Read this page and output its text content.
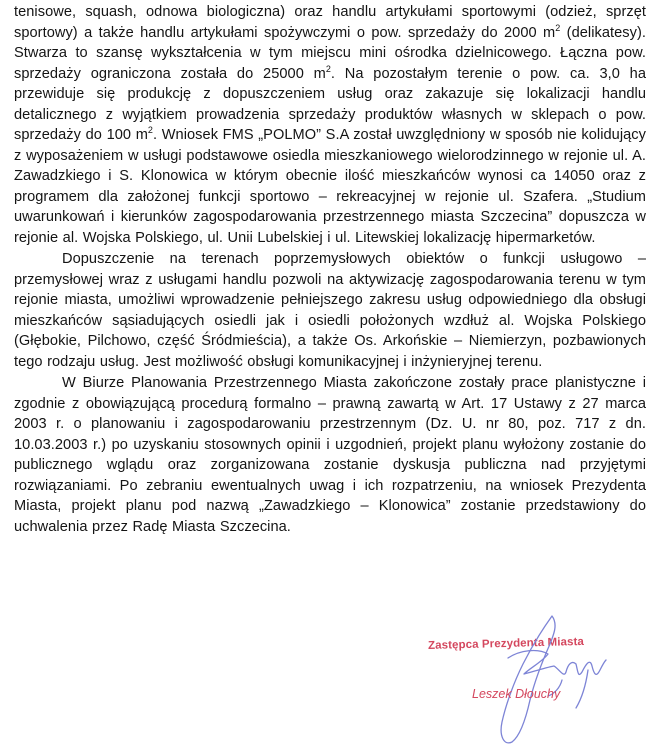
tenisowe, squash, odnowa biologiczna) oraz handlu artykułami sportowymi (odzież, sprzęt sportowy) a także handlu artykułami spożywczymi o pow. sprzedaży do 2000 $m^2$ (delikatesy). Stwarza to szansę wykształcenia w tym miejscu mini ośrodka dzielnicowego. Łączna pow. sprzedaży ograniczona została do 25000 $m^2$. Na pozostałym terenie o pow. ca. 3,0 ha przewiduje się produkcję z dopuszczeniem usług oraz zakazuje się lokalizacji handlu detalicznego z wyjątkiem prowadzenia sprzedaży produktów własnych w sklepach o pow. sprzedaży do 100 $m^2$. Wniosek FMS „POLMO” S.A został uwzględniony w sposób nie kolidujący z wyposażeniem w usługi podstawowe osiedla mieszkaniowego wielorodzinnego w rejonie ul. A. Zawadzkiego i S. Klonowica w którym obecnie ilość mieszkańców wynosi ca 14050 oraz z programem dla założonej funkcji sportowo – rekreacyjnej w rejonie ul. Szafera. „Studium uwarunkowań i kierunków zagospodarowania przestrzennego miasta Szczecina” dopuszcza w rejonie al. Wojska Polskiego, ul. Unii Lubelskiej i ul. Litewskiej lokalizację hipermarketów.

Dopuszczenie na terenach poprzemysłowych obiektów o funkcji usługowo – przemysłowej wraz z usługami handlu pozwoli na aktywizację zagospodarowania terenu w tym rejonie miasta, umożliwi wprowadzenie pełniejszego zakresu usług odpowiedniego dla obsługi mieszkańców sąsiadujących osiedli jak i osiedli położonych wzdłuż al. Wojska Polskiego (Głębokie, Pilchowo, część Śródmieścia), a także Os. Arkońskie – Niemierzyn, pozbawionych tego rodzaju usług. Jest możliwość obsługi komunikacyjnej i inżynieryjnej terenu.

W Biurze Planowania Przestrzennego Miasta zakończone zostały prace planistyczne i zgodnie z obowiązującą procedurą formalno – prawną zawartą w Art. 17 Ustawy z 27 marca 2003 r. o planowaniu i zagospodarowaniu przestrzennym (Dz. U. nr 80, poz. 717 z dn. 10.03.2003 r.) po uzyskaniu stosownych opinii i uzgodnień, projekt planu wyłożony zostanie do publicznego wglądu oraz zorganizowana zostanie dyskusja publiczna nad przyjętymi rozwiązaniami. Po zebraniu ewentualnych uwag i ich rozpatrzeniu, na wniosek Prezydenta Miasta, projekt planu pod nazwą „Zawadzkiego – Klonowica” zostanie przedstawiony do uchwalenia przez Radę Miasta Szczecina.

Zastępca Prezydenta Miasta
Leszek Dłouchy
